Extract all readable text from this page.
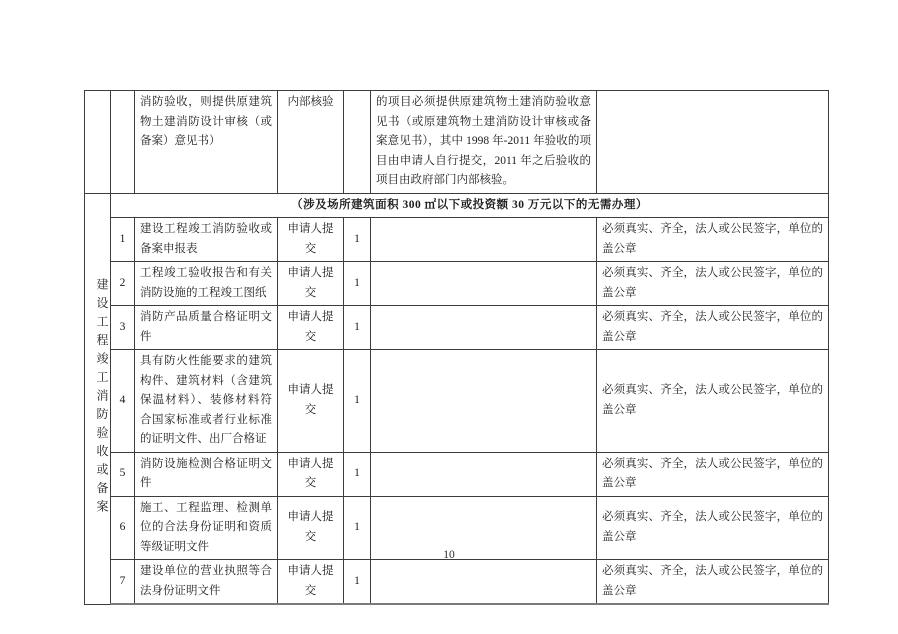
		消防验收，则提供原建筑物土建消防设计审核（或备案）意见书）	内部核验		的项目必须提供原建筑物土建消防验收意见书（或原建筑物土建消防设计审核或备案意见书），其中 1998 年-2011 年验收的项目由申请人自行提交，2011 年之后验收的项目由政府部门内部核验。	

建设工程竣工消防验收或备案	（涉及场所建筑面积 300 ㎡以下或投资额 30 万元以下的无需办理）					
	1	建设工程竣工消防验收或备案申报表	申请人提交	1		必须真实、齐全，法人或公民签字，单位的盖公章
	2	工程竣工验收报告和有关消防设施的工程竣工图纸	申请人提交	1		必须真实、齐全，法人或公民签字，单位的盖公章
	3	消防产品质量合格证明文件	申请人提交	1		必须真实、齐全，法人或公民签字，单位的盖公章
	4	具有防火性能要求的建筑构件、建筑材料（含建筑保温材料）、装修材料符合国家标准或者行业标准的证明文件、出厂合格证	申请人提交	1		必须真实、齐全，法人或公民签字，单位的盖公章
	5	消防设施检测合格证明文件	申请人提交	1		必须真实、齐全，法人或公民签字，单位的盖公章
	6	施工、工程监理、检测单位的合法身份证明和资质等级证明文件	申请人提交	1		必须真实、齐全，法人或公民签字，单位的盖公章
	7	建设单位的营业执照等合法身份证明文件	申请人提交	1		必须真实、齐全，法人或公民签字，单位的盖公章
10
